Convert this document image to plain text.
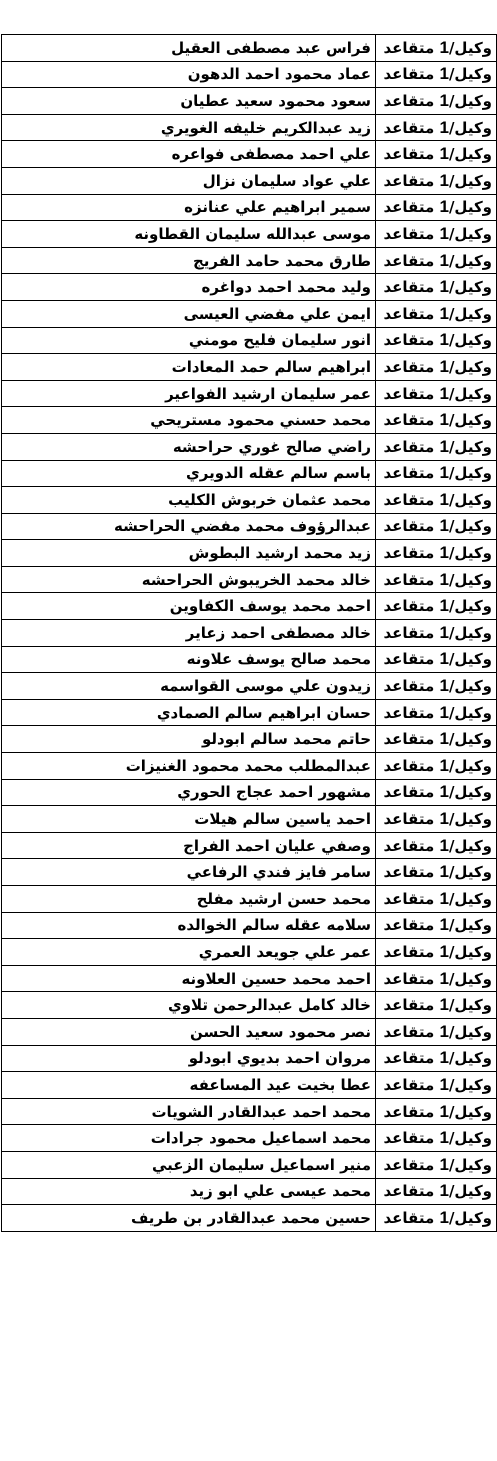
وكيل/1 متقاعد	فراس عبد مصطفى العقيل
وكيل/1 متقاعد	عماد محمود احمد الدهون
وكيل/1 متقاعد	سعود محمود سعيد عطيان
وكيل/1 متقاعد	زيد عبدالكريم خليفه الغويري
وكيل/1 متقاعد	علي احمد مصطفى فواعره
وكيل/1 متقاعد	علي عواد سليمان نزال
وكيل/1 متقاعد	سمير ابراهيم علي عنانزه
وكيل/1 متقاعد	موسى عبدالله سليمان القطاونه
وكيل/1 متقاعد	طارق محمد حامد الفريج
وكيل/1 متقاعد	وليد محمد احمد دواغره
وكيل/1 متقاعد	ايمن علي مفضي العيسى
وكيل/1 متقاعد	انور سليمان فليح مومني
وكيل/1 متقاعد	ابراهيم سالم حمد المعادات
وكيل/1 متقاعد	عمر سليمان ارشيد الفواعير
وكيل/1 متقاعد	محمد حسني محمود مستريحي
وكيل/1 متقاعد	راضي صالح غوري حراحشه
وكيل/1 متقاعد	باسم سالم عقله الدويري
وكيل/1 متقاعد	محمد عثمان خربوش الكليب
وكيل/1 متقاعد	عبدالرؤوف محمد مفضي الحراحشه
وكيل/1 متقاعد	زيد محمد ارشيد البطوش
وكيل/1 متقاعد	خالد محمد الخريبوش الحراحشه
وكيل/1 متقاعد	احمد محمد يوسف الكفاوين
وكيل/1 متقاعد	خالد مصطفى احمد زعاير
وكيل/1 متقاعد	محمد صالح يوسف علاونه
وكيل/1 متقاعد	زيدون علي موسى القواسمه
وكيل/1 متقاعد	حسان ابراهيم سالم الصمادي
وكيل/1 متقاعد	حاتم محمد سالم ابودلو
وكيل/1 متقاعد	عبدالمطلب محمد محمود الغنيزات
وكيل/1 متقاعد	مشهور احمد عجاج الحوري
وكيل/1 متقاعد	احمد ياسين سالم هيلات
وكيل/1 متقاعد	وصفي عليان احمد الفراج
وكيل/1 متقاعد	سامر فايز فندي الرفاعي
وكيل/1 متقاعد	محمد حسن ارشيد مفلح
وكيل/1 متقاعد	سلامه عقله سالم الخوالده
وكيل/1 متقاعد	عمر علي جويعد العمري
وكيل/1 متقاعد	احمد محمد حسين العلاونه
وكيل/1 متقاعد	خالد كامل عبدالرحمن تلاوي
وكيل/1 متقاعد	نصر محمود سعيد الحسن
وكيل/1 متقاعد	مروان احمد بديوي ابودلو
وكيل/1 متقاعد	عطا بخيت عيد المساعفه
وكيل/1 متقاعد	محمد احمد عبدالقادر الشويات
وكيل/1 متقاعد	محمد اسماعيل محمود جرادات
وكيل/1 متقاعد	منير اسماعيل سليمان الزعبي
وكيل/1 متقاعد	محمد عيسى علي ابو زيد
وكيل/1 متقاعد	حسين محمد عبدالقادر بن طريف
